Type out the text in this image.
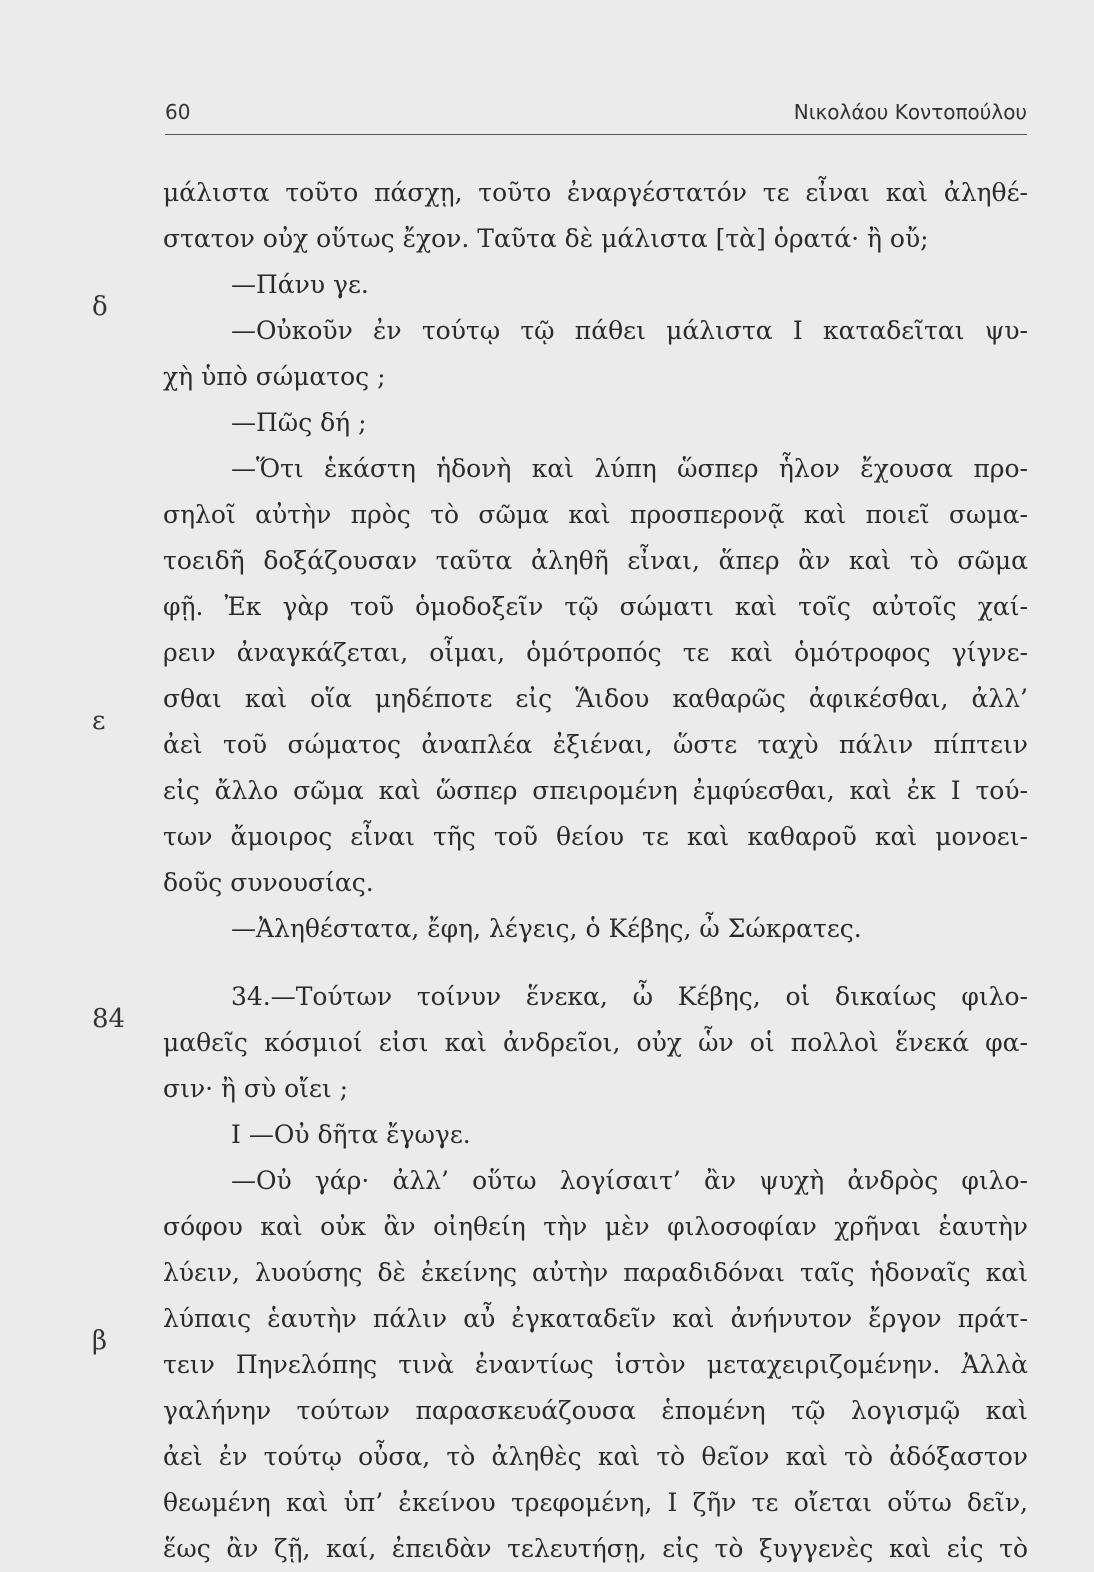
60	Νικολάου Κοντοπούλου
δ
ε
84
β
μάλιστα τοῦτο πάσχῃ, τοῦτο ἐναργέστατόν τε εἶναι καὶ ἀληθέ-
στατον οὐχ οὕτως ἔχον. Ταῦτα δὲ μάλιστα [τὰ] ὁρατά· ἢ οὔ;
—Πάνυ γε.
—Οὐκοῦν ἐν τούτῳ τῷ πάθει μάλιστα Ι καταδεῖται ψυ-
χὴ ὑπὸ σώματος ;
—Πῶς δή ;
—Ὅτι ἑκάστη ἡδονὴ καὶ λύπη ὥσπερ ἧλον ἔχουσα προ-
σηλοῖ αὐτὴν πρὸς τὸ σῶμα καὶ προσπερονᾷ καὶ ποιεῖ σωμα-
τοειδῆ δοξάζουσαν ταῦτα ἀληθῆ εἶναι, ἅπερ ἂν καὶ τὸ σῶμα
φῇ. Ἐκ γὰρ τοῦ ὁμοδοξεῖν τῷ σώματι καὶ τοῖς αὐτοῖς χαί-
ρειν ἀναγκάζεται, οἶμαι, ὁμότροπός τε καὶ ὁμότροφος γίγνε-
σθαι καὶ οἵα μηδέποτε εἰς Ἅιδου καθαρῶς ἀφικέσθαι, ἀλλ’
ἀεὶ τοῦ σώματος ἀναπλέα ἐξιέναι, ὥστε ταχὺ πάλιν πίπτειν
εἰς ἄλλο σῶμα καὶ ὥσπερ σπειρομένη ἐμφύεσθαι, καὶ ἐκ Ι τού-
των ἄμοιρος εἶναι τῆς τοῦ θείου τε καὶ καθαροῦ καὶ μονοει-
δοῦς συνουσίας.
—Ἀληθέστατα, ἔφη, λέγεις, ὁ Κέβης, ὦ Σώκρατες.
34.—Τούτων τοίνυν ἕνεκα, ὦ Κέβης, οἱ δικαίως φιλο-
μαθεῖς κόσμιοί εἰσι καὶ ἀνδρεῖοι, οὐχ ὧν οἱ πολλοὶ ἕνεκά φα-
σιν· ἢ σὺ οἴει ;
Ι —Οὐ δῆτα ἔγωγε.
—Οὐ γάρ· ἀλλ’ οὕτω λογίσαιτ’ ἂν ψυχὴ ἀνδρὸς φιλο-
σόφου καὶ οὐκ ἂν οἰηθείη τὴν μὲν φιλοσοφίαν χρῆναι ἑαυτὴν
λύειν, λυούσης δὲ ἐκείνης αὐτὴν παραδιδόναι ταῖς ἡδοναῖς καὶ
λύπαις ἑαυτὴν πάλιν αὖ ἐγκαταδεῖν καὶ ἀνήνυτον ἔργον πράτ-
τειν Πηνελόπης τινὰ ἐναντίως ἱστὸν μεταχειριζομένην. Ἀλλὰ
γαλήνην τούτων παρασκευάζουσα ἑπομένη τῷ λογισμῷ καὶ
ἀεὶ ἐν τούτῳ οὖσα, τὸ ἀληθὲς καὶ τὸ θεῖον καὶ τὸ ἀδόξαστον
θεωμένη καὶ ὑπ’ ἐκείνου τρεφομένη, Ι ζῆν τε οἴεται οὕτω δεῖν,
ἕως ἂν ζῇ, καί, ἐπειδὰν τελευτήσῃ, εἰς τὸ ξυγγενὲς καὶ εἰς τὸ
